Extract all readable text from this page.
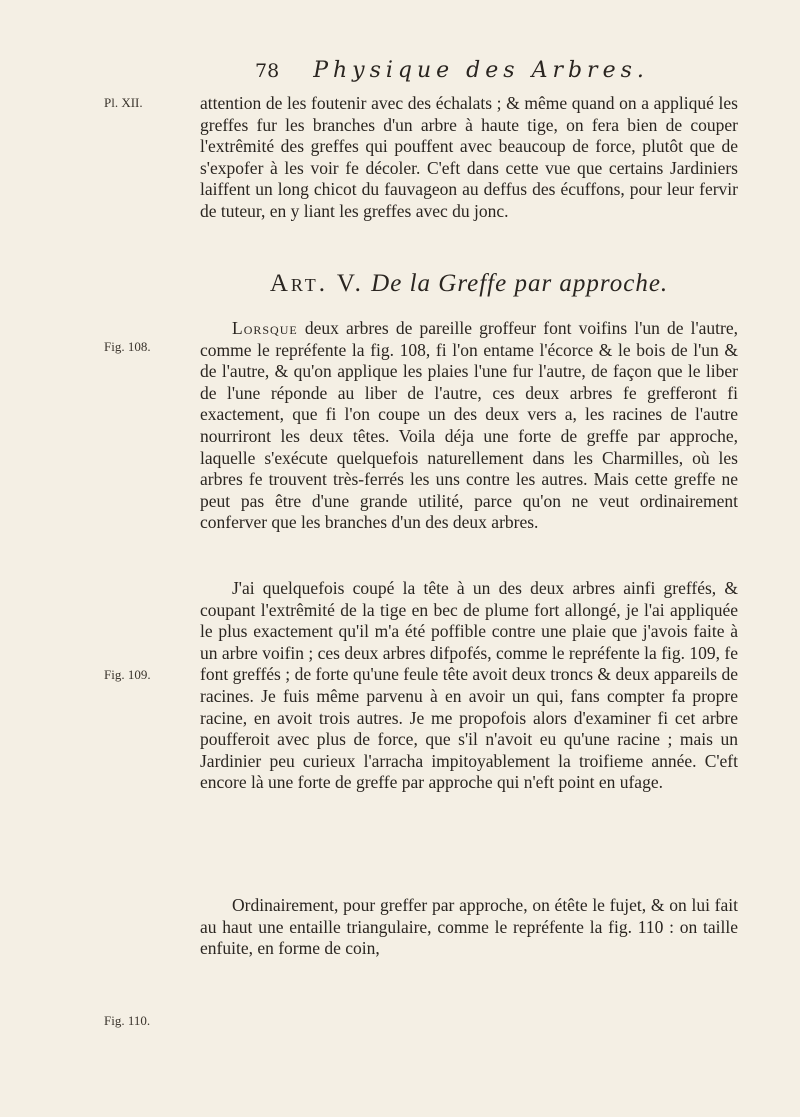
78 Physique des Arbres.
Pl. XII.
Fig. 108.
Fig. 109.
Fig. 110.

attention de les foutenir avec des échalats ; & même quand on a appliqué les greffes fur les branches d'un arbre à haute tige, on fera bien de couper l'extrêmité des greffes qui pouffent avec beaucoup de force, plutôt que de s'expofer à les voir fe décoler. C'eft dans cette vue que certains Jardiniers laiffent un long chicot du fauvageon au deffus des écuffons, pour leur fervir de tuteur, en y liant les greffes avec du jonc.

Art. V. De la Greffe par approche.

Lorsque deux arbres de pareille groffeur font voifins l'un de l'autre, comme le repréfente la fig. 108, fi l'on entame l'écorce & le bois de l'un & de l'autre, & qu'on applique les plaies l'une fur l'autre, de façon que le liber de l'une réponde au liber de l'autre, ces deux arbres fe grefferont fi exactement, que fi l'on coupe un des deux vers a, les racines de l'autre nourriront les deux têtes. Voila déja une forte de greffe par approche, laquelle s'exécute quelquefois naturellement dans les Charmilles, où les arbres fe trouvent très-ferrés les uns contre les autres. Mais cette greffe ne peut pas être d'une grande utilité, parce qu'on ne veut ordinairement conferver que les branches d'un des deux arbres.

J'ai quelquefois coupé la tête à un des deux arbres ainfi greffés, & coupant l'extrêmité de la tige en bec de plume fort allongé, je l'ai appliquée le plus exactement qu'il m'a été poffible contre une plaie que j'avois faite à un arbre voifin ; ces deux arbres difpofés, comme le repréfente la fig. 109, fe font greffés ; de forte qu'une feule tête avoit deux troncs & deux appareils de racines. Je fuis même parvenu à en avoir un qui, fans compter fa propre racine, en avoit trois autres. Je me propofois alors d'examiner fi cet arbre poufferoit avec plus de force, que s'il n'avoit eu qu'une racine ; mais un Jardinier peu curieux l'arracha impitoyablement la troifieme année. C'eft encore là une forte de greffe par approche qui n'eft point en ufage.

Ordinairement, pour greffer par approche, on étête le fujet, & on lui fait au haut une entaille triangulaire, comme le repréfente la fig. 110 : on taille enfuite, en forme de coin,
